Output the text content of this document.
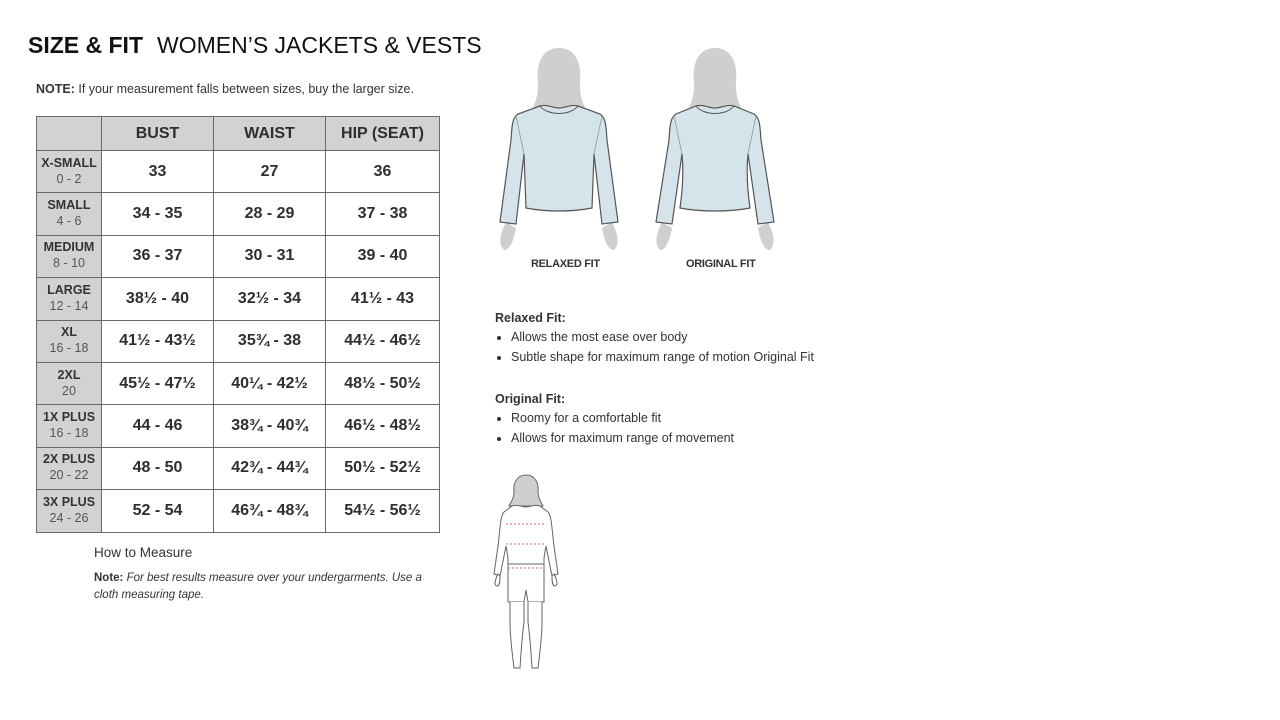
SIZE & FIT WOMEN’S JACKETS & VESTS
NOTE: If your measurement falls between sizes, buy the larger size.
	BUST	WAIST	HIP (SEAT)

X-SMALL
0 - 2	33	27	36

SMALL
4 - 6	34 - 35	28 - 29	37 - 38

MEDIUM
8 - 10	36 - 37	30 - 31	39 - 40

LARGE
12 - 14	38½ - 40	32½ - 34	41½ - 43

XL
16 - 18	41½ - 43½	35¾ - 38	44½ - 46½

2XL
20	45½ - 47½	40¼ - 42½	48½ - 50½

1X PLUS
16 - 18	44 - 46	38¾ - 40¾	46½ - 48½

2X PLUS
20 - 22	48 - 50	42¾ - 44¾	50½ - 52½

3X PLUS
24 - 26	52 - 54	46¾ - 48¾	54½ - 56½
How to Measure
Note: For best results measure over your undergarments. Use a cloth measuring tape.
RELAXED FIT	ORIGINAL FIT
Relaxed Fit:
• Allows the most ease over body
• Subtle shape for maximum range of motion Original Fit
Original Fit:
• Roomy for a comfortable fit
• Allows for maximum range of movement
